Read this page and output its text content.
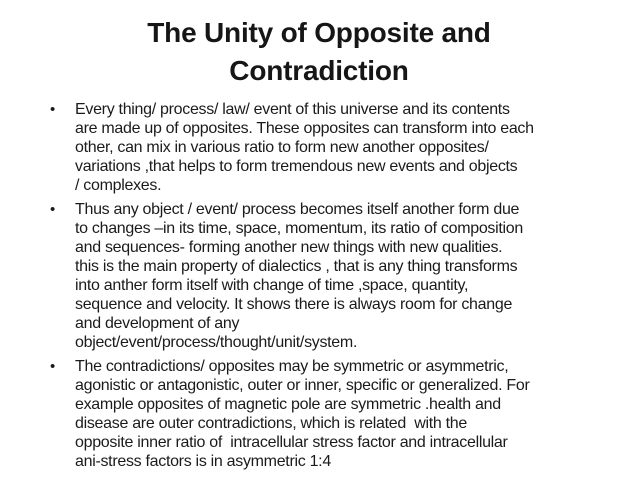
The Unity of Opposite and
Contradiction
•	Every thing/ process/ law/ event of this universe and its contents
are made up of opposites. These opposites can transform into each
other, can mix in various ratio to form new another opposites/
variations ,that helps to form tremendous new events and objects
/ complexes.
•	Thus any object / event/ process becomes itself another form due
to changes –in its time, space, momentum, its ratio of composition
and sequences- forming another new things with new qualities.
this is the main property of dialectics , that is any thing transforms
into anther form itself with change of time ,space, quantity,
sequence and velocity. It shows there is always room for change
and development of any
object/event/process/thought/unit/system.
•	The contradictions/ opposites may be symmetric or asymmetric,
agonistic or antagonistic, outer or inner, specific or generalized. For
example opposites of magnetic pole are symmetric .health and
disease are outer contradictions, which is related  with the
opposite inner ratio of  intracellular stress factor and intracellular
ani-stress factors is in asymmetric 1:4
